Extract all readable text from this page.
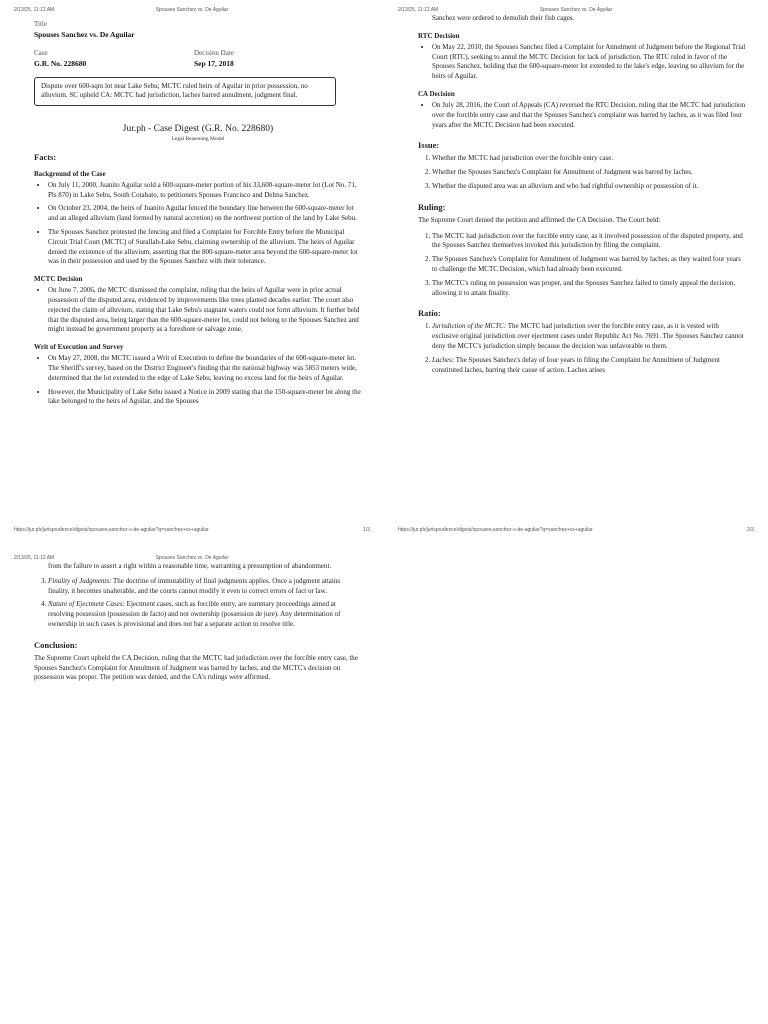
2/13/25, 11:12 AM	Spouses Sanchez vs. De Aguilar
Title
Spouses Sanchez vs. De Aguilar
Case
G.R. No. 228680
Decision Date
Sep 17, 2018
Dispute over 600-sqm lot near Lake Sebu; MCTC ruled heirs of Aguilar in prior possession, no alluvium. SC upheld CA: MCTC had jurisdiction, laches barred annulment, judgment final.
Jur.ph - Case Digest (G.R. No. 228680)
Legal Reasoning Model
Facts:
Background of the Case
• On July 11, 2000, Juanito Aguilar sold a 600-square-meter portion of his 33,600-square-meter lot (Lot No. 71, Pls 870) in Lake Sebu, South Cotabato, to petitioners Spouses Francisco and Delma Sanchez.
• On October 23, 2004, the heirs of Juanito Aguilar fenced the boundary line between the 600-square-meter lot and an alleged alluvium (land formed by natural accretion) on the northwest portion of the land by Lake Sebu.
• The Spouses Sanchez protested the fencing and filed a Complaint for Forcible Entry before the Municipal Circuit Trial Court (MCTC) of Surallah-Lake Sebu, claiming ownership of the alluvium. The heirs of Aguilar denied the existence of the alluvium, asserting that the 800-square-meter area beyond the 600-square-meter lot was in their possession and used by the Spouses Sanchez with their tolerance.
MCTC Decision
• On June 7, 2006, the MCTC dismissed the complaint, ruling that the heirs of Aguilar were in prior actual possession of the disputed area, evidenced by improvements like trees planted decades earlier. The court also rejected the claim of alluvium, stating that Lake Sebu's stagnant waters could not form alluvium. It further held that the disputed area, being larger than the 600-square-meter lot, could not belong to the Spouses Sanchez and might instead be government property as a foreshore or salvage zone.
Writ of Execution and Survey
• On May 27, 2008, the MCTC issued a Writ of Execution to define the boundaries of the 600-square-meter lot. The Sheriff's survey, based on the District Engineer's finding that the national highway was 5853 meters wide, determined that the lot extended to the edge of Lake Sebu, leaving no excess land for the heirs of Aguilar.
• However, the Municipality of Lake Sebu issued a Notice in 2009 stating that the 150-square-meter lot along the lake belonged to the heirs of Aguilar, and the Spouses
https://jur.ph/jurisprudence/digest/spouses-sanchez-v-de-aguilar?q=sanchez+vs+aguilar	1/3
2/13/25, 11:12 AM	Spouses Sanchez vs. De Aguilar
Sanchez were ordered to demolish their fish cages.
RTC Decision
• On May 22, 2010, the Spouses Sanchez filed a Complaint for Annulment of Judgment before the Regional Trial Court (RTC), seeking to annul the MCTC Decision for lack of jurisdiction. The RTC ruled in favor of the Spouses Sanchez, holding that the 600-square-meter lot extended to the lake's edge, leaving no alluvium for the heirs of Aguilar.
CA Decision
• On July 28, 2016, the Court of Appeals (CA) reversed the RTC Decision, ruling that the MCTC had jurisdiction over the forcible entry case and that the Spouses Sanchez's complaint was barred by laches, as it was filed four years after the MCTC Decision had been executed.
Issue:
1. Whether the MCTC had jurisdiction over the forcible entry case.
2. Whether the Spouses Sanchez's Complaint for Annulment of Judgment was barred by laches.
3. Whether the disputed area was an alluvium and who had rightful ownership or possession of it.
Ruling:

The Supreme Court denied the petition and affirmed the CA Decision. The Court held:

1. The MCTC had jurisdiction over the forcible entry case, as it involved possession of the disputed property, and the Spouses Sanchez themselves invoked this jurisdiction by filing the complaint.
2. The Spouses Sanchez's Complaint for Annulment of Judgment was barred by laches, as they waited four years to challenge the MCTC Decision, which had already been executed.
3. The MCTC's ruling on possession was proper, and the Spouses Sanchez failed to timely appeal the decision, allowing it to attain finality.
Ratio:
1. Jurisdiction of the MCTC: The MCTC had jurisdiction over the forcible entry case, as it is vested with exclusive original jurisdiction over ejectment cases under Republic Act No. 7691. The Spouses Sanchez cannot deny the MCTC's jurisdiction simply because the decision was unfavorable to them.
2. Laches: The Spouses Sanchez's delay of four years in filing the Complaint for Annulment of Judgment constituted laches, barring their cause of action. Laches arises
https://jur.ph/jurisprudence/digest/spouses-sanchez-v-de-aguilar?q=sanchez+vs+aguilar	2/3
2/13/25, 11:12 AM	Spouses Sanchez vs. De Aguilar
from the failure to assert a right within a reasonable time, warranting a presumption of abandonment.
3. Finality of Judgments: The doctrine of immutability of final judgments applies. Once a judgment attains finality, it becomes unalterable, and the courts cannot modify it even to correct errors of fact or law.
4. Nature of Ejectment Cases: Ejectment cases, such as forcible entry, are summary proceedings aimed at resolving possession (possession de facto) and not ownership (possession de jure). Any determination of ownership in such cases is provisional and does not bar a separate action to resolve title.
Conclusion:

The Supreme Court upheld the CA Decision, ruling that the MCTC had jurisdiction over the forcible entry case, the Spouses Sanchez's Complaint for Annulment of Judgment was barred by laches, and the MCTC's decision on possession was proper. The petition was denied, and the CA's rulings were affirmed.
